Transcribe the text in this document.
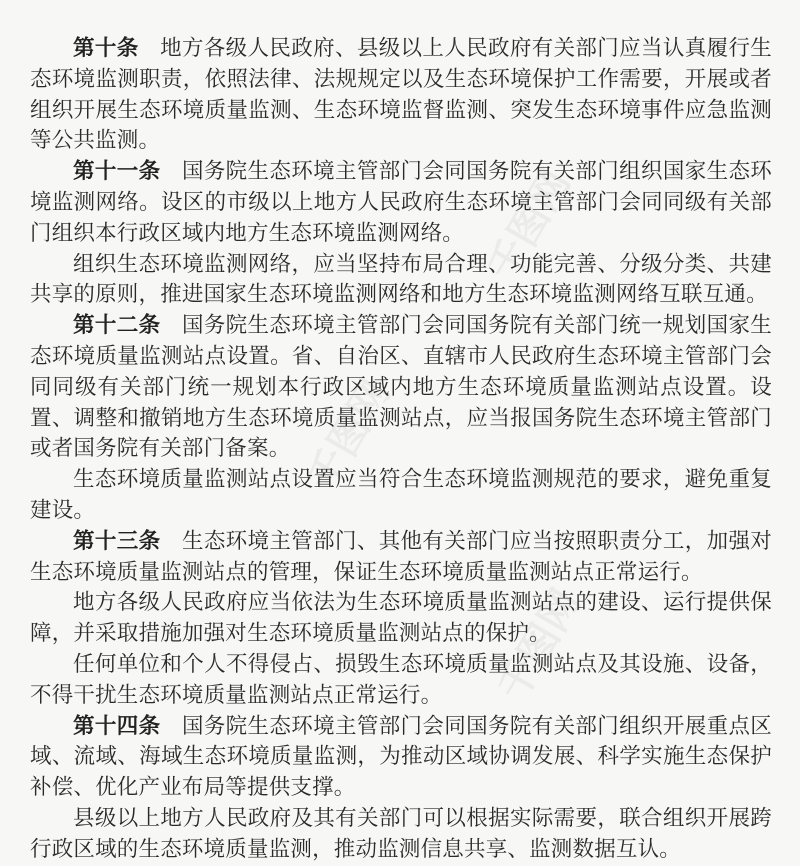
千图网
千图网
千图网

第十条 地方各级人民政府、县级以上人民政府有关部门应当认真履行生态环境监测职责，依照法律、法规规定以及生态环境保护工作需要，开展或者组织开展生态环境质量监测、生态环境监督监测、突发生态环境事件应急监测等公共监测。

第十一条 国务院生态环境主管部门会同国务院有关部门组织国家生态环境监测网络。设区的市级以上地方人民政府生态环境主管部门会同同级有关部门组织本行政区域内地方生态环境监测网络。

组织生态环境监测网络，应当坚持布局合理、功能完善、分级分类、共建共享的原则，推进国家生态环境监测网络和地方生态环境监测网络互联互通。

第十二条 国务院生态环境主管部门会同国务院有关部门统一规划国家生态环境质量监测站点设置。省、自治区、直辖市人民政府生态环境主管部门会同同级有关部门统一规划本行政区域内地方生态环境质量监测站点设置。设置、调整和撤销地方生态环境质量监测站点，应当报国务院生态环境主管部门或者国务院有关部门备案。

生态环境质量监测站点设置应当符合生态环境监测规范的要求，避免重复建设。

第十三条 生态环境主管部门、其他有关部门应当按照职责分工，加强对生态环境质量监测站点的管理，保证生态环境质量监测站点正常运行。

地方各级人民政府应当依法为生态环境质量监测站点的建设、运行提供保障，并采取措施加强对生态环境质量监测站点的保护。

任何单位和个人不得侵占、损毁生态环境质量监测站点及其设施、设备，不得干扰生态环境质量监测站点正常运行。

第十四条 国务院生态环境主管部门会同国务院有关部门组织开展重点区域、流域、海域生态环境质量监测，为推动区域协调发展、科学实施生态保护补偿、优化产业布局等提供支撑。

县级以上地方人民政府及其有关部门可以根据实际需要，联合组织开展跨行政区域的生态环境质量监测，推动监测信息共享、监测数据互认。
